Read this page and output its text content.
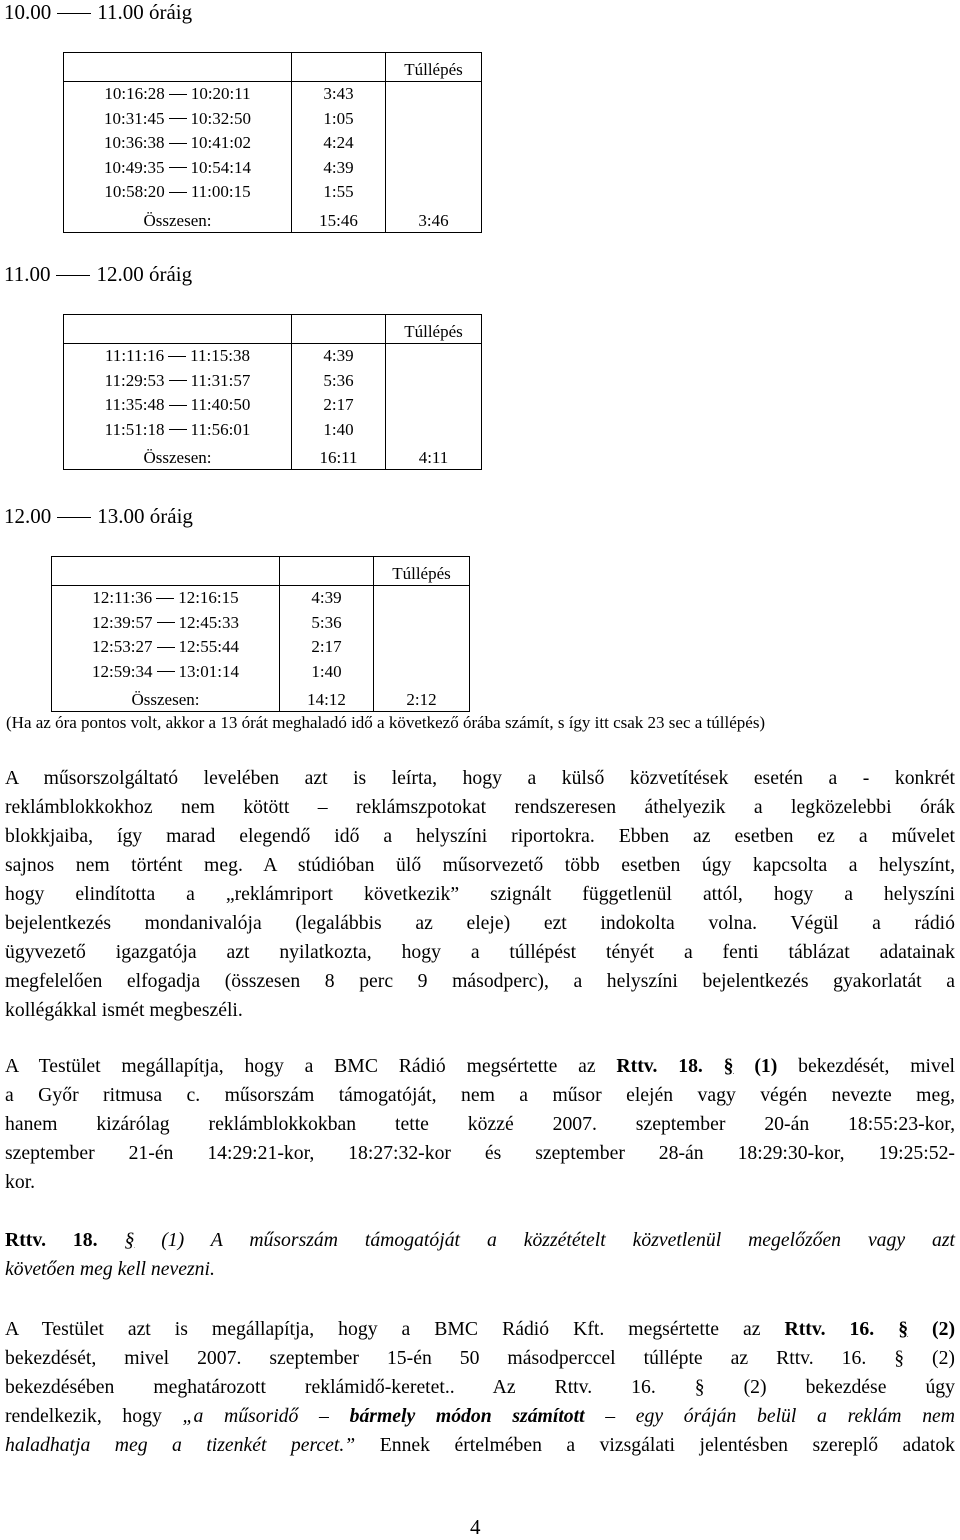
10.00 11.00 óráig
		Túllépés
10:16:28 10:20:11	3:43	
10:31:45 10:32:50	1:05	
10:36:38 10:41:02	4:24	
10:49:35 10:54:14	4:39	
10:58:20 11:00:15	1:55	
Összesen:	15:46	3:46
11.00 12.00 óráig
		Túllépés
11:11:16 11:15:38	4:39	
11:29:53 11:31:57	5:36	
11:35:48 11:40:50	2:17	
11:51:18 11:56:01	1:40	
Összesen:	16:11	4:11
12.00 13.00 óráig
		Túllépés
12:11:36 12:16:15	4:39	
12:39:57 12:45:33	5:36	
12:53:27 12:55:44	2:17	
12:59:34 13:01:14	1:40	
Összesen:	14:12	2:12
(Ha az óra pontos volt, akkor a 13 órát meghaladó idő a következő órába számít, s így itt csak 23 sec a túllépés)
A műsorszolgáltató levelében azt is leírta, hogy a külső közvetítések esetén a - konkrét
reklámblokkokhoz nem kötött – reklámszpotokat rendszeresen áthelyezik a legközelebbi órák
blokkjaiba, így marad elegendő idő a helyszíni riportokra. Ebben az esetben ez a művelet
sajnos nem történt meg. A stúdióban ülő műsorvezető több esetben úgy kapcsolta a helyszínt,
hogy elindította a „reklámriport következik” szignált függetlenül attól, hogy a helyszíni
bejelentkezés mondanivalója (legalábbis az eleje) ezt indokolta volna. Végül a rádió
ügyvezető igazgatója azt nyilatkozta, hogy a túllépést tényét a fenti táblázat adatainak
megfelelően elfogadja (összesen 8 perc 9 másodperc), a helyszíni bejelentkezés gyakorlatát a
kollégákkal ismét megbeszéli.
A Testület megállapítja, hogy a BMC Rádió megsértette az Rttv. 18. § (1) bekezdését, mivel
a Győr ritmusa c. műsorszám támogatóját, nem a műsor elején vagy végén nevezte meg,
hanem kizárólag reklámblokkokban tette közzé 2007. szeptember 20-án 18:55:23-kor,
szeptember 21-én 14:29:21-kor, 18:27:32-kor és szeptember 28-án 18:29:30-kor, 19:25:52-
kor.
Rttv. 18. § (1) A műsorszám támogatóját a közzétételt közvetlenül megelőzően vagy azt
követően meg kell nevezni.
A Testület azt is megállapítja, hogy a BMC Rádió Kft. megsértette az Rttv. 16. § (2)
bekezdését, mivel 2007. szeptember 15-én 50 másodperccel túllépte az Rttv. 16. § (2)
bekezdésében meghatározott reklámidő-keretet.. Az Rttv. 16. § (2) bekezdése úgy
rendelkezik, hogy „a műsoridő – bármely módon számított – egy óráján belül a reklám nem
haladhatja meg a tizenkét percet.” Ennek értelmében a vizsgálati jelentésben szereplő adatok
4
